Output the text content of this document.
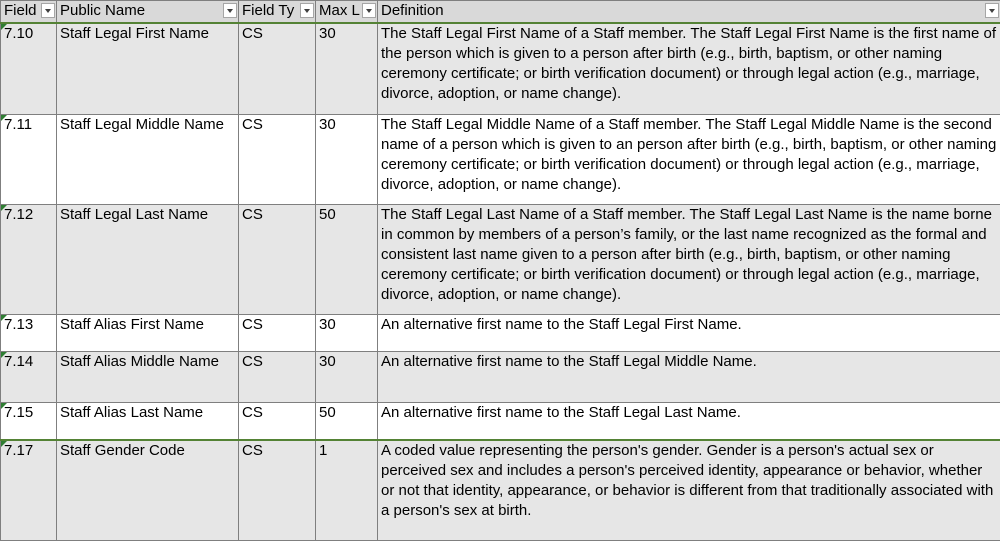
Field	Public Name	Field Ty	Max L	Definition

7.10	Staff Legal First Name	CS	30	The Staff Legal First Name of a Staff member. The Staff Legal First Name is the first name of the person which is given to a person after birth (e.g., birth, baptism, or other naming ceremony certificate; or birth verification document) or through legal action (e.g., marriage, divorce, adoption, or name change).

7.11	Staff Legal Middle Name	CS	30	The Staff Legal Middle Name of a Staff member. The Staff Legal Middle Name is the second name of a person which is given to an person after birth (e.g., birth, baptism, or other naming ceremony certificate; or birth verification document) or through legal action (e.g., marriage, divorce, adoption, or name change).

7.12	Staff Legal Last Name	CS	50	The Staff Legal Last Name of a Staff member. The Staff Legal Last Name is the name borne in common by members of a person’s family, or the last name recognized as the formal and consistent last name given to a person after birth (e.g., birth, baptism, or other naming ceremony certificate; or birth verification document) or through legal action (e.g., marriage, divorce, adoption, or name change).

7.13	Staff Alias First Name	CS	30	An alternative first name to the Staff Legal First Name.

7.14	Staff Alias Middle Name	CS	30	An alternative first name to the Staff Legal Middle Name.

7.15	Staff Alias Last Name	CS	50	An alternative first name to the Staff Legal Last Name.

7.17	Staff Gender Code	CS	1	A coded value representing the person's gender. Gender is a person's actual sex or perceived sex and includes a person's perceived identity, appearance or behavior, whether or not that identity, appearance, or behavior is different from that traditionally associated with a person's sex at birth.
